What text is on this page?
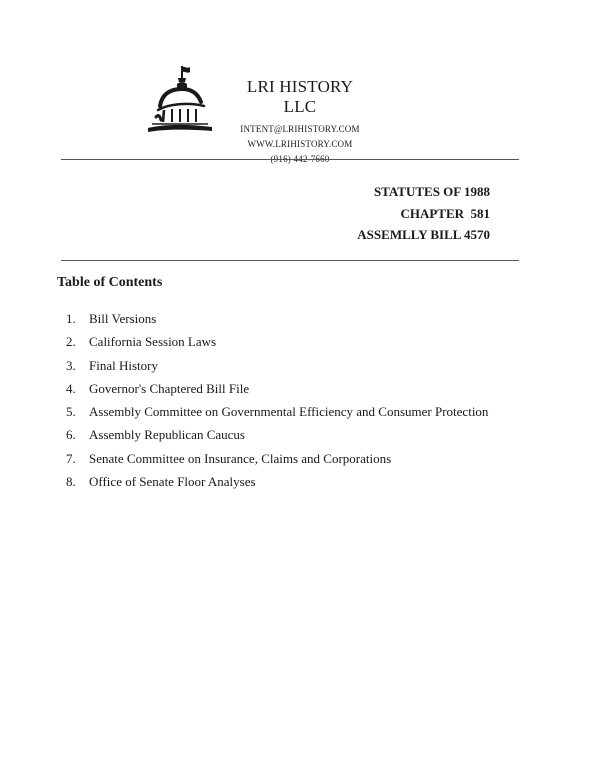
LRI HISTORY LLC
INTENT@LRIHISTORY.COM
WWW.LRIHISTORY.COM
(916) 442-7660
STATUTES OF 1988
CHAPTER  581
ASSEMLLY BILL 4570
Table of Contents
1.	Bill Versions
2.	California Session Laws
3.	Final History
4.	Governor's Chaptered Bill File
5.	Assembly Committee on Governmental Efficiency and Consumer Protection
6.	Assembly Republican Caucus
7.	Senate Committee on Insurance, Claims and Corporations
8.	Office of Senate Floor Analyses
